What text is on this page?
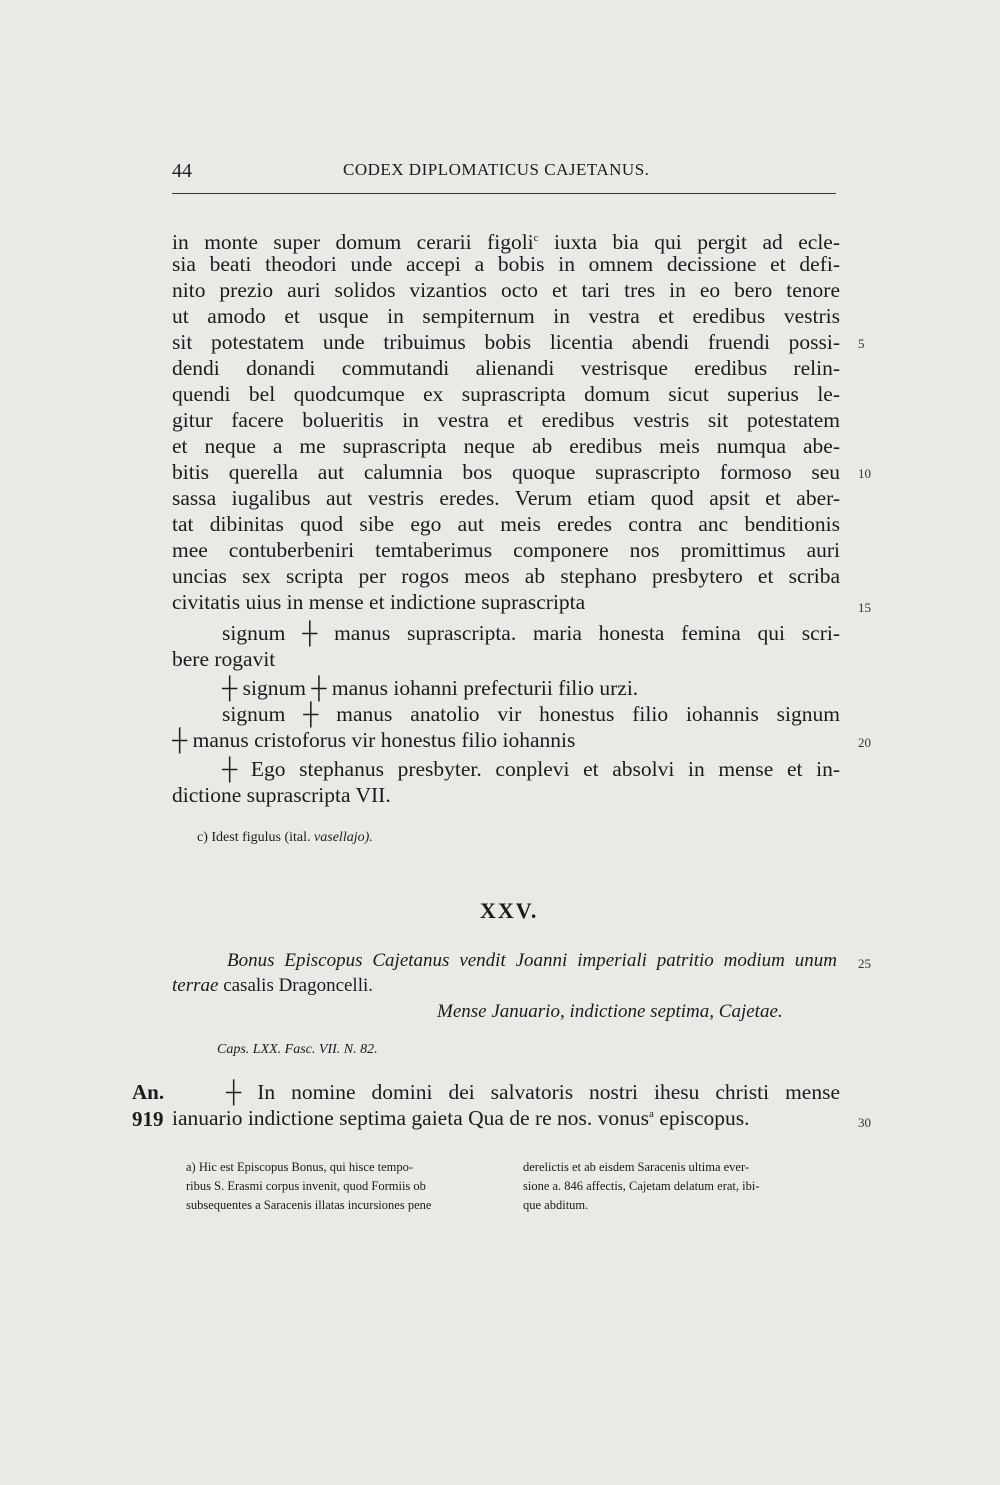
44	CODEX DIPLOMATICUS CAJETANUS.
in monte super domum cerarii figoli$^c$ iuxta bia qui pergit ad ecle-
sia beati theodori unde accepi a bobis in omnem decissione et defi-
nito prezio auri solidos vizantios octo et tari tres in eo bero tenore
ut amodo et usque in sempiternum in vestra et eredibus vestris
sit potestatem unde tribuimus bobis licentia abendi fruendi possi-
dendi donandi commutandi alienandi vestrisque eredibus relin-
quendi bel quodcumque ex suprascripta domum sicut superius le-
gitur facere bolueritis in vestra et eredibus vestris sit potestatem
et neque a me suprascripta neque ab eredibus meis numqua abe-
bitis querella aut calumnia bos quoque suprascripto formoso seu
sassa iugalibus aut vestris eredes. Verum etiam quod apsit et aber-
tat dibinitas quod sibe ego aut meis eredes contra anc benditionis
mee contuberbeniri temtaberimus componere nos promittimus auri
uncias sex scripta per rogos meos ab stephano presbytero et scriba
civitatis uius in mense et indictione suprascripta
signum ┼ manus suprascripta. maria honesta femina qui scri-
bere rogavit
┼ signum ┼ manus iohanni prefecturii filio urzi.
signum ┼ manus anatolio vir honestus filio iohannis signum
┼ manus cristoforus vir honestus filio iohannis
┼ Ego stephanus presbyter. conplevi et absolvi in mense et in-
dictione suprascripta VII.
5
10
15
20
25
30
c) Idest figulus (ital. vasellajo).
XXV.
Bonus Episcopus Cajetanus vendit Joanni imperiali patritio modium unum
terrae casalis Dragoncelli.
Mense Januario, indictione septima, Cajetae.
Caps. LXX. Fasc. VII. N. 82.
An.
919
┼ In nomine domini dei salvatoris nostri ihesu christi mense
ianuario indictione septima gaieta Qua de re nos. vonus$^a$ episcopus.
a) Hic est Episcopus Bonus, qui hisce tempo-
ribus S. Erasmi corpus invenit, quod Formiis ob
subsequentes a Saracenis illatas incursiones pene
derelictis et ab eisdem Saracenis ultima ever-
sione a. 846 affectis, Cajetam delatum erat, ibi-
que abditum.
